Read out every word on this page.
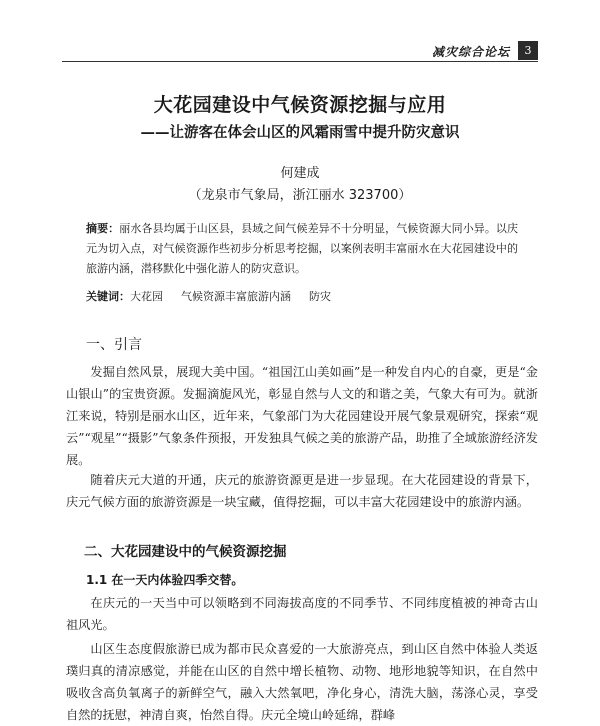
减灾综合论坛	3
大花园建设中气候资源挖掘与应用
——让游客在体会山区的风霜雨雪中提升防灾意识
何建成
（龙泉市气象局，浙江丽水 323700）
摘要：丽水各县均属于山区县，县域之间气候差异不十分明显，气候资源大同小异。以庆元为切入点，对气候资源作些初步分析思考挖掘，以案例表明丰富丽水在大花园建设中的旅游内涵，潜移默化中强化游人的防灾意识。
关键词：大花园 气候资源丰富旅游内涵 防灾
一、引言
发掘自然风景，展现大美中国。“祖国江山美如画”是一种发自内心的自豪，更是“金山银山”的宝贵资源。发掘滴旎风光，彰显自然与人文的和谐之美，气象大有可为。就浙江来说，特别是丽水山区，近年来，气象部门为大花园建设开展气象景观研究，探索“观云”“观星”“摄影”气象条件预报，开发独具气候之美的旅游产品，助推了全域旅游经济发展。
随着庆元大道的开通，庆元的旅游资源更是进一步显现。在大花园建设的背景下，庆元气候方面的旅游资源是一块宝藏，值得挖掘，可以丰富大花园建设中的旅游内涵。
二、大花园建设中的气候资源挖掘
1.1 在一天内体验四季交替。
在庆元的一天当中可以领略到不同海拔高度的不同季节、不同纬度植被的神奇古山祖风光。
山区生态度假旅游已成为都市民众喜爱的一大旅游亮点，到山区自然中体验人类返璞归真的清凉感觉，并能在山区的自然中增长植物、动物、地形地貌等知识，在自然中吸收含高负氧离子的新鲜空气，融入大然氧吧，净化身心，清洗大脑，荡涤心灵，享受自然的抚慰，神清自爽，怡然自得。庆元全境山岭延绵，群峰
